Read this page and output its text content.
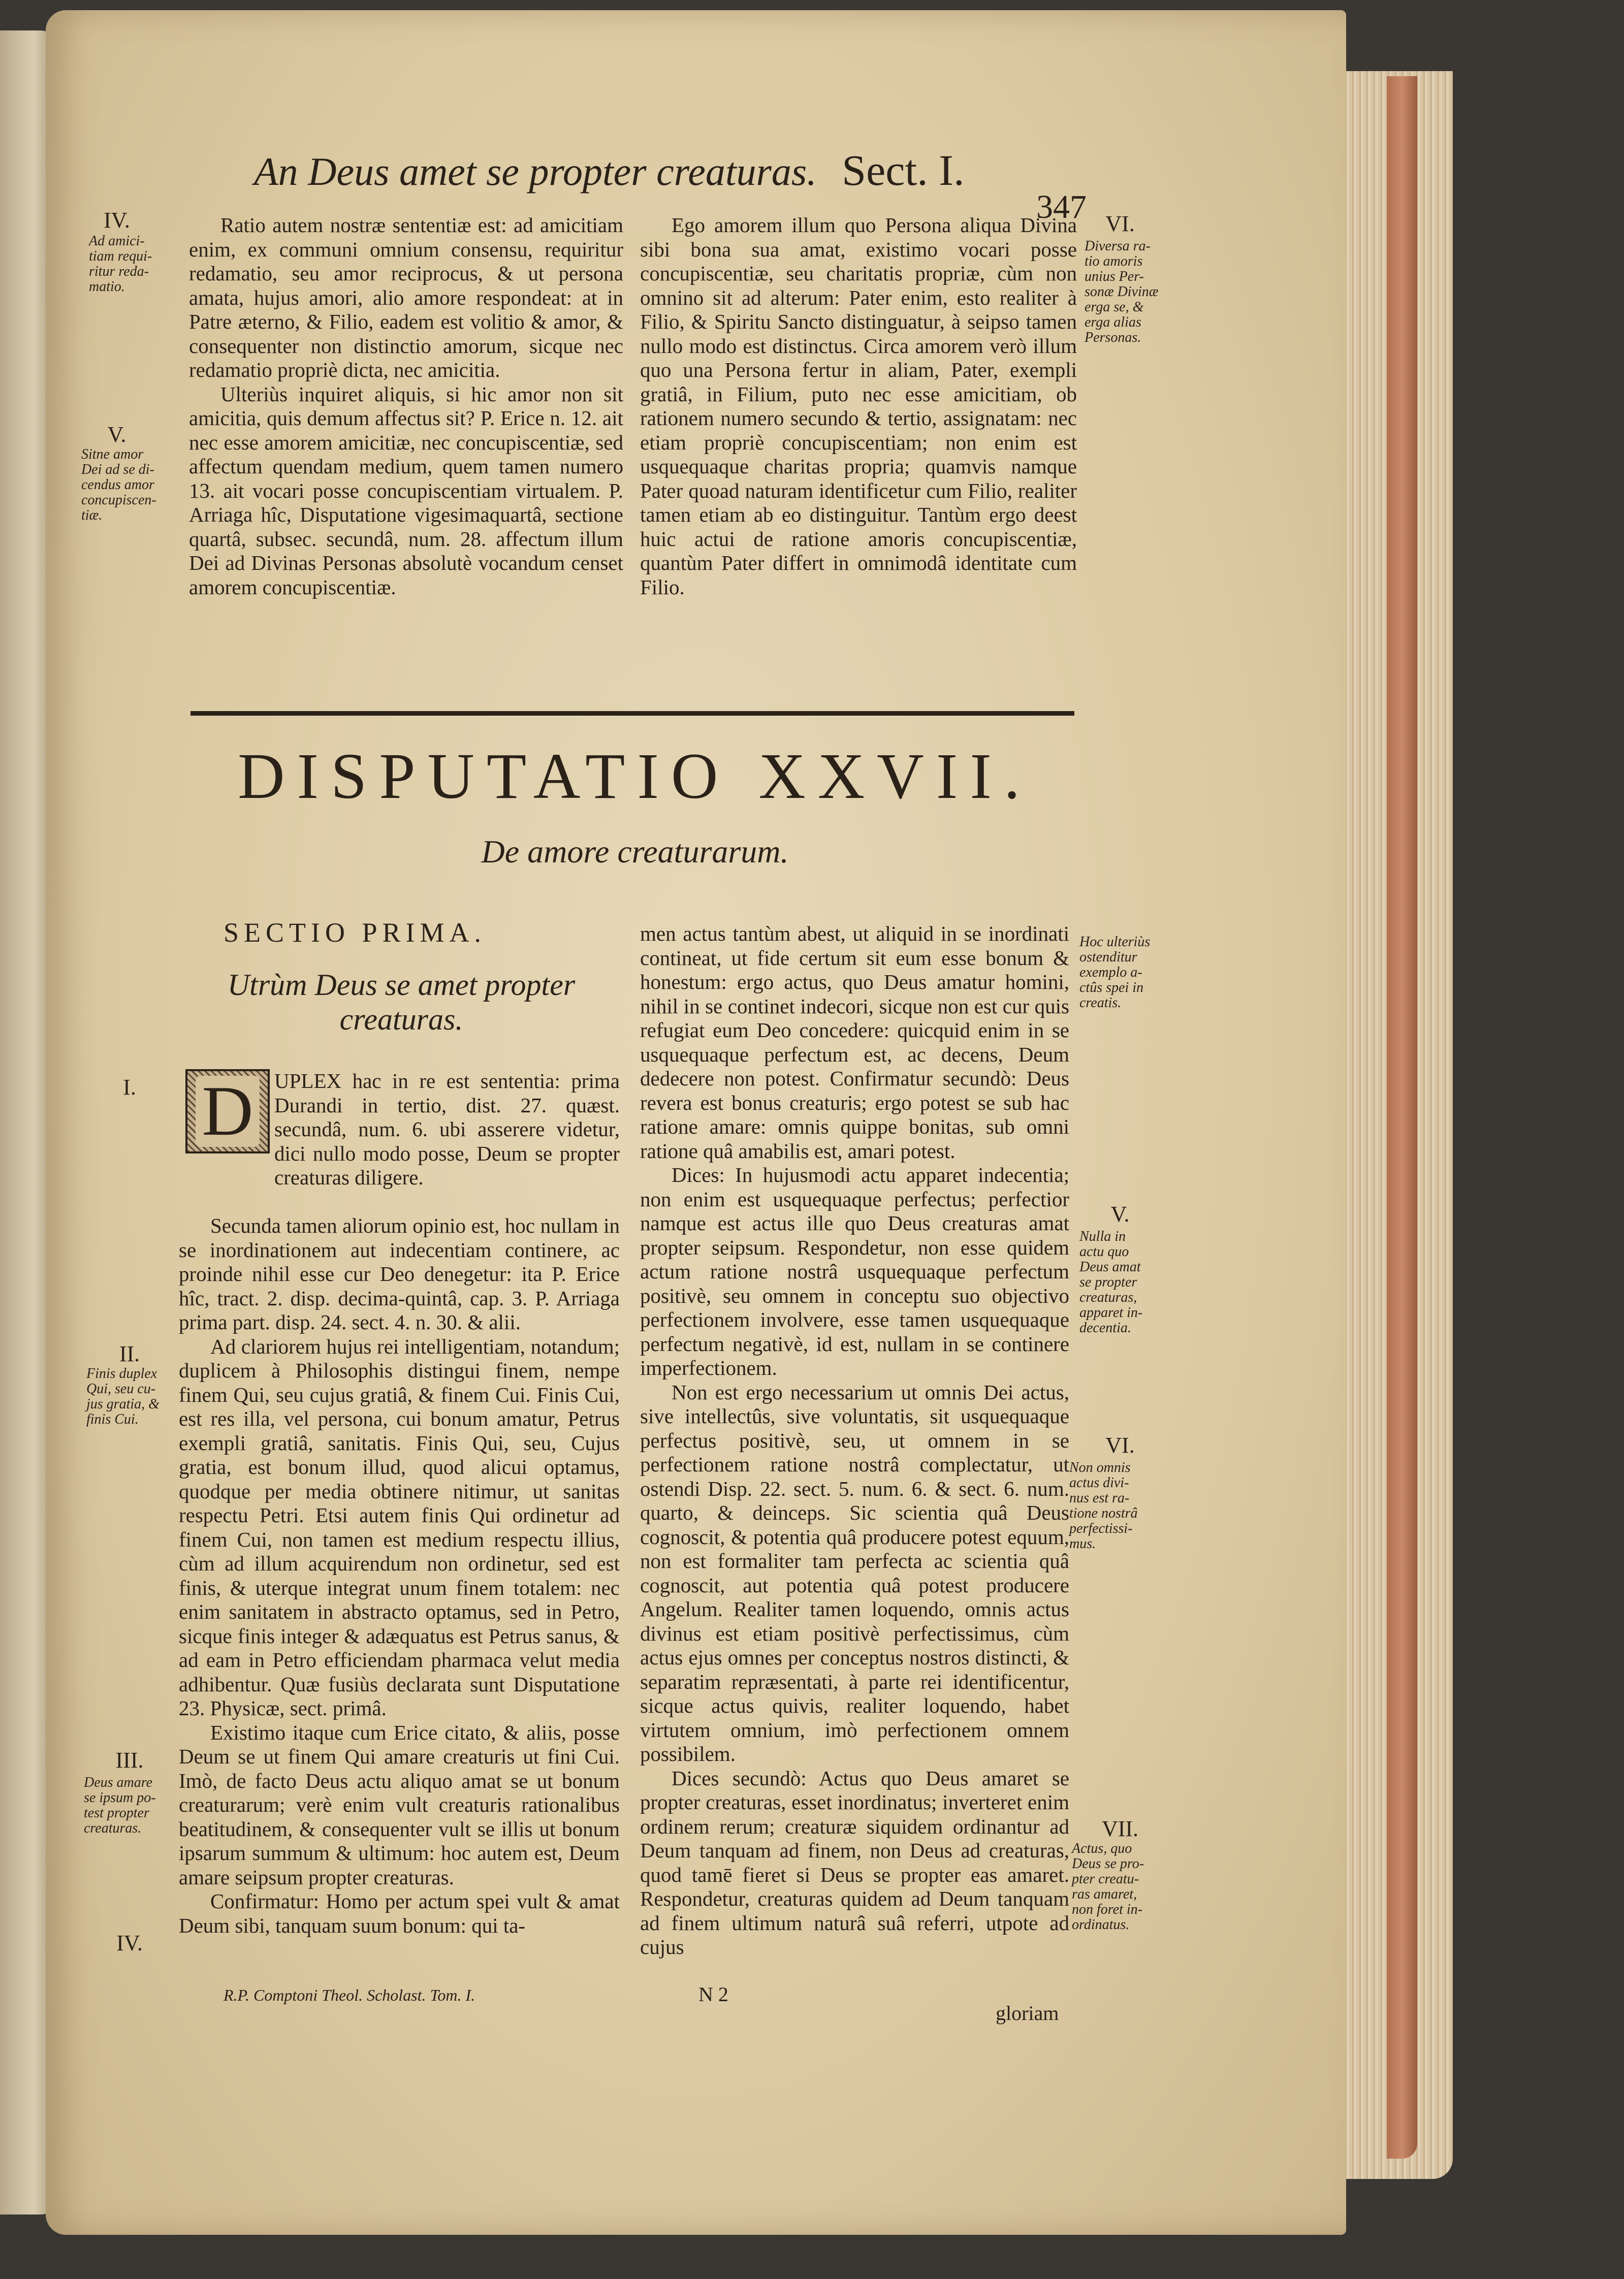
An Deus amet se propter creaturas. Sect. I.
347
IV.
Ad amici-
tiam requi-
ritur reda-
matio.
V.
Sitne amor
Dei ad se di-
cendus amor
concupiscen-
tiæ.

Ratio autem nostræ sententiæ est: ad amicitiam enim, ex communi omnium consensu, requiritur redamatio, seu amor reciprocus, & ut persona amata, hujus amori, alio amore respondeat: at in Patre æterno, & Filio, eadem est volitio & amor, & consequenter non distinctio amorum, sicque nec redamatio propriè dicta, nec amicitia.

Ulteriùs inquiret aliquis, si hic amor non sit amicitia, quis demum affectus sit? P. Erice n. 12. ait nec esse amorem amicitiæ, nec concupiscentiæ, sed affectum quendam medium, quem tamen numero 13. ait vocari posse concupiscentiam virtualem. P. Arriaga hîc, Disputatione vigesimaquartâ, sectione quartâ, subsec. secundâ, num. 28. affectum illum Dei ad Divinas Personas absolutè vocandum censet amorem concupiscentiæ.

Ego amorem illum quo Persona aliqua Divina sibi bona sua amat, existimo vocari posse concupiscentiæ, seu charitatis propriæ, cùm non omnino sit ad alterum: Pater enim, esto realiter à Filio, & Spiritu Sancto distinguatur, à seipso tamen nullo modo est distinctus. Circa amorem verò illum quo una Persona fertur in aliam, Pater, exempli gratiâ, in Filium, puto nec esse amicitiam, ob rationem numero secundo & tertio, assignatam: nec etiam propriè concupiscentiam; non enim est usquequaque charitas propria; quamvis namque Pater quoad naturam identificetur cum Filio, realiter tamen etiam ab eo distinguitur. Tantùm ergo deest huic actui de ratione amoris concupiscentiæ, quantùm Pater differt in omnimodâ identitate cum Filio.

VI.
Diversa ra-
tio amoris
unius Per-
sonæ Divinæ
erga se, &
erga alias
Personas.
DISPUTATIO XXVII.
De amore creaturarum.
SECTIO PRIMA.
Utrùm Deus se amet propter creaturas.
I.
II.
Finis duplex
Qui, seu cu-
jus gratia, &
finis Cui.
III.
Deus amare
se ipsum po-
test propter
creaturas.
IV.
D UPLEX hac in re est sententia: prima Durandi in tertio, dist. 27. quæst. secundâ, num. 6. ubi asserere videtur, dici nullo modo posse, Deum se propter creaturas diligere.

Secunda tamen aliorum opinio est, hoc nullam in se inordinationem aut indecentiam continere, ac proinde nihil esse cur Deo denegetur: ita P. Erice hîc, tract. 2. disp. decima-quintâ, cap. 3. P. Arriaga prima part. disp. 24. sect. 4. n. 30. & alii.

Ad clariorem hujus rei intelligentiam, notandum; duplicem à Philosophis distingui finem, nempe finem Qui, seu cujus gratiâ, & finem Cui. Finis Cui, est res illa, vel persona, cui bonum amatur, Petrus exempli gratiâ, sanitatis. Finis Qui, seu, Cujus gratia, est bonum illud, quod alicui optamus, quodque per media obtinere nitimur, ut sanitas respectu Petri. Etsi autem finis Qui ordinetur ad finem Cui, non tamen est medium respectu illius, cùm ad illum acquirendum non ordinetur, sed est finis, & uterque integrat unum finem totalem: nec enim sanitatem in abstracto optamus, sed in Petro, sicque finis integer & adæquatus est Petrus sanus, & ad eam in Petro efficiendam pharmaca velut media adhibentur. Quæ fusiùs declarata sunt Disputatione 23. Physicæ, sect. primâ.

Existimo itaque cum Erice citato, & aliis, posse Deum se ut finem Qui amare creaturis ut fini Cui. Imò, de facto Deus actu aliquo amat se ut bonum creaturarum; verè enim vult creaturis rationalibus beatitudinem, & consequenter vult se illis ut bonum ipsarum summum & ultimum: hoc autem est, Deum amare seipsum propter creaturas.

Confirmatur: Homo per actum spei vult & amat Deum sibi, tanquam suum bonum: qui ta-

men actus tantùm abest, ut aliquid in se inordinati contineat, ut fide certum sit eum esse bonum & honestum: ergo actus, quo Deus amatur homini, nihil in se continet indecori, sicque non est cur quis refugiat eum Deo concedere: quicquid enim in se usquequaque perfectum est, ac decens, Deum dedecere non potest. Confirmatur secundò: Deus revera est bonus creaturis; ergo potest se sub hac ratione amare: omnis quippe bonitas, sub omni ratione quâ amabilis est, amari potest.

Dices: In hujusmodi actu apparet indecentia; non enim est usquequaque perfectus; perfectior namque est actus ille quo Deus creaturas amat propter seipsum. Respondetur, non esse quidem actum ratione nostrâ usquequaque perfectum positivè, seu omnem in conceptu suo objectivo perfectionem involvere, esse tamen usquequaque perfectum negativè, id est, nullam in se continere imperfectionem.

Non est ergo necessarium ut omnis Dei actus, sive intellectûs, sive voluntatis, sit usquequaque perfectus positivè, seu, ut omnem in se perfectionem ratione nostrâ complectatur, ut ostendi Disp. 22. sect. 5. num. 6. & sect. 6. num. quarto, & deinceps. Sic scientia quâ Deus cognoscit, & potentia quâ producere potest equum, non est formaliter tam perfecta ac scientia quâ cognoscit, aut potentia quâ potest producere Angelum. Realiter tamen loquendo, omnis actus divinus est etiam positivè perfectissimus, cùm actus ejus omnes per conceptus nostros distincti, & separatim repræsentati, à parte rei identificentur, sicque actus quivis, realiter loquendo, habet virtutem omnium, imò perfectionem omnem possibilem.

Dices secundò: Actus quo Deus amaret se propter creaturas, esset inordinatus; inverteret enim ordinem rerum; creaturæ siquidem ordinantur ad Deum tanquam ad finem, non Deus ad creaturas, quod tamē fieret si Deus se propter eas amaret. Respondetur, creaturas quidem ad Deum tanquam ad finem ultimum naturâ suâ referri, utpote ad cujus

Hoc ulteriùs
ostenditur
exemplo a-
ctûs spei in
creatis.
V.
Nulla in
actu quo
Deus amat
se propter
creaturas,
apparet in-
decentia.
VI.
Non omnis
actus divi-
nus est ra-
tione nostrâ
perfectissi-
mus.
VII.
Actus, quo
Deus se pro-
pter creatu-
ras amaret,
non foret in-
ordinatus.
R.P. Comptoni Theol. Scholast. Tom. I.	N 2
gloriam
